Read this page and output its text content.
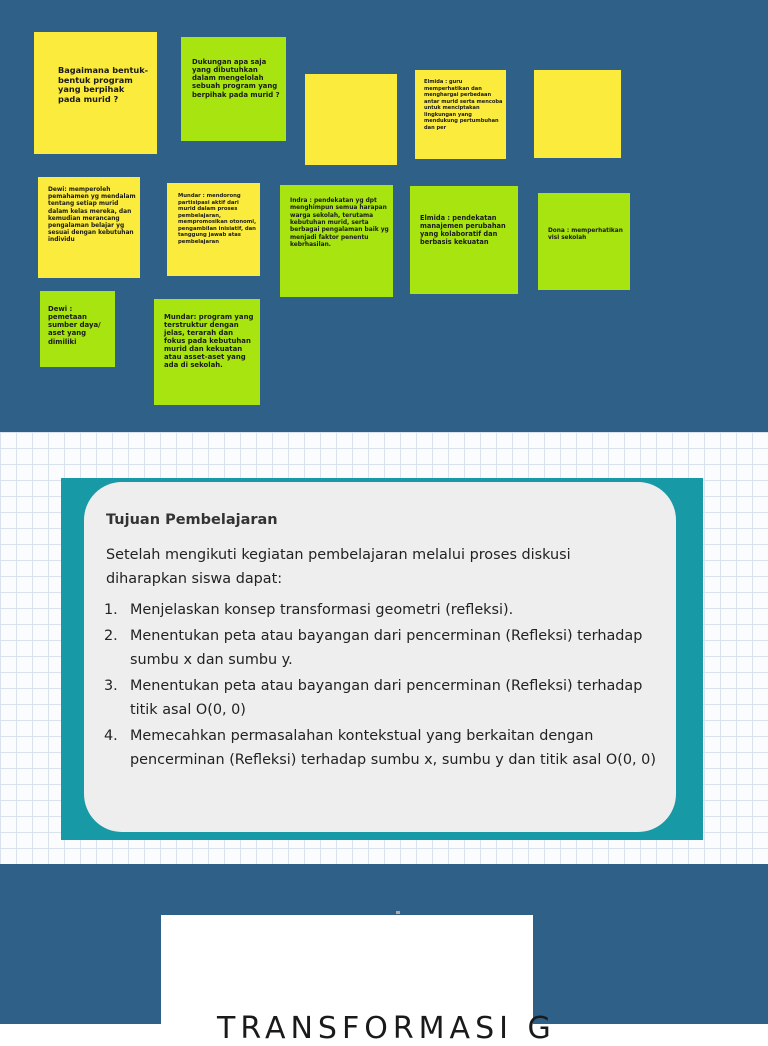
Bagaimana bentuk-bentuk program yang berpihak pada murid ?
Dukungan apa saja yang dibutuhkan dalam mengelolah sebuah program yang berpihak pada murid ?
Elmida : guru memperhatikan dan menghargai perbedaan antar murid serta mencoba untuk menciptakan lingkungan yang mendukung pertumbuhan dan per
Dewi: memperoleh pemahamen yg mendalam tentang setiap murid dalam kelas mereka, dan kemudian merancang pengalaman belajar yg sesuai dengan kebutuhan individu
Mundar : mendorong partisipasi aktif dari murid dalam proses pembelajaran, mempromosikan otonomi, pengambilan inisiatif, dan tanggung jawab atas pembelajaran
Indra : pendekatan yg dpt menghimpun semua harapan warga sekolah, terutama kebutuhan murid, serta berbagai pengalaman baik yg menjadi faktor penentu kebrhasilan.
Elmida : pendekatan manajemen perubahan yang kolaboratif dan berbasis kekuatan
Dona : memperhatikan visi sekolah
Dewi : pemetaan sumber daya/ aset yang dimiliki
Mundar: program yang terstruktur dengan jelas, terarah dan fokus pada kebutuhan murid dan kekuatan atau asset-aset yang ada di sekolah.
Tujuan Pembelajaran

Setelah mengikuti kegiatan pembelajaran melalui proses diskusi diharapkan siswa dapat:

1. Menjelaskan konsep transformasi geometri (refleksi).
2. Menentukan peta atau bayangan dari pencerminan (Refleksi) terhadap sumbu x dan sumbu y.
3. Menentukan peta atau bayangan dari pencerminan (Refleksi) terhadap titik asal O(0, 0)
4. Memecahkan permasalahan kontekstual yang berkaitan dengan pencerminan (Refleksi) terhadap sumbu x, sumbu y dan titik asal O(0, 0)
TRANSFORMASI G
